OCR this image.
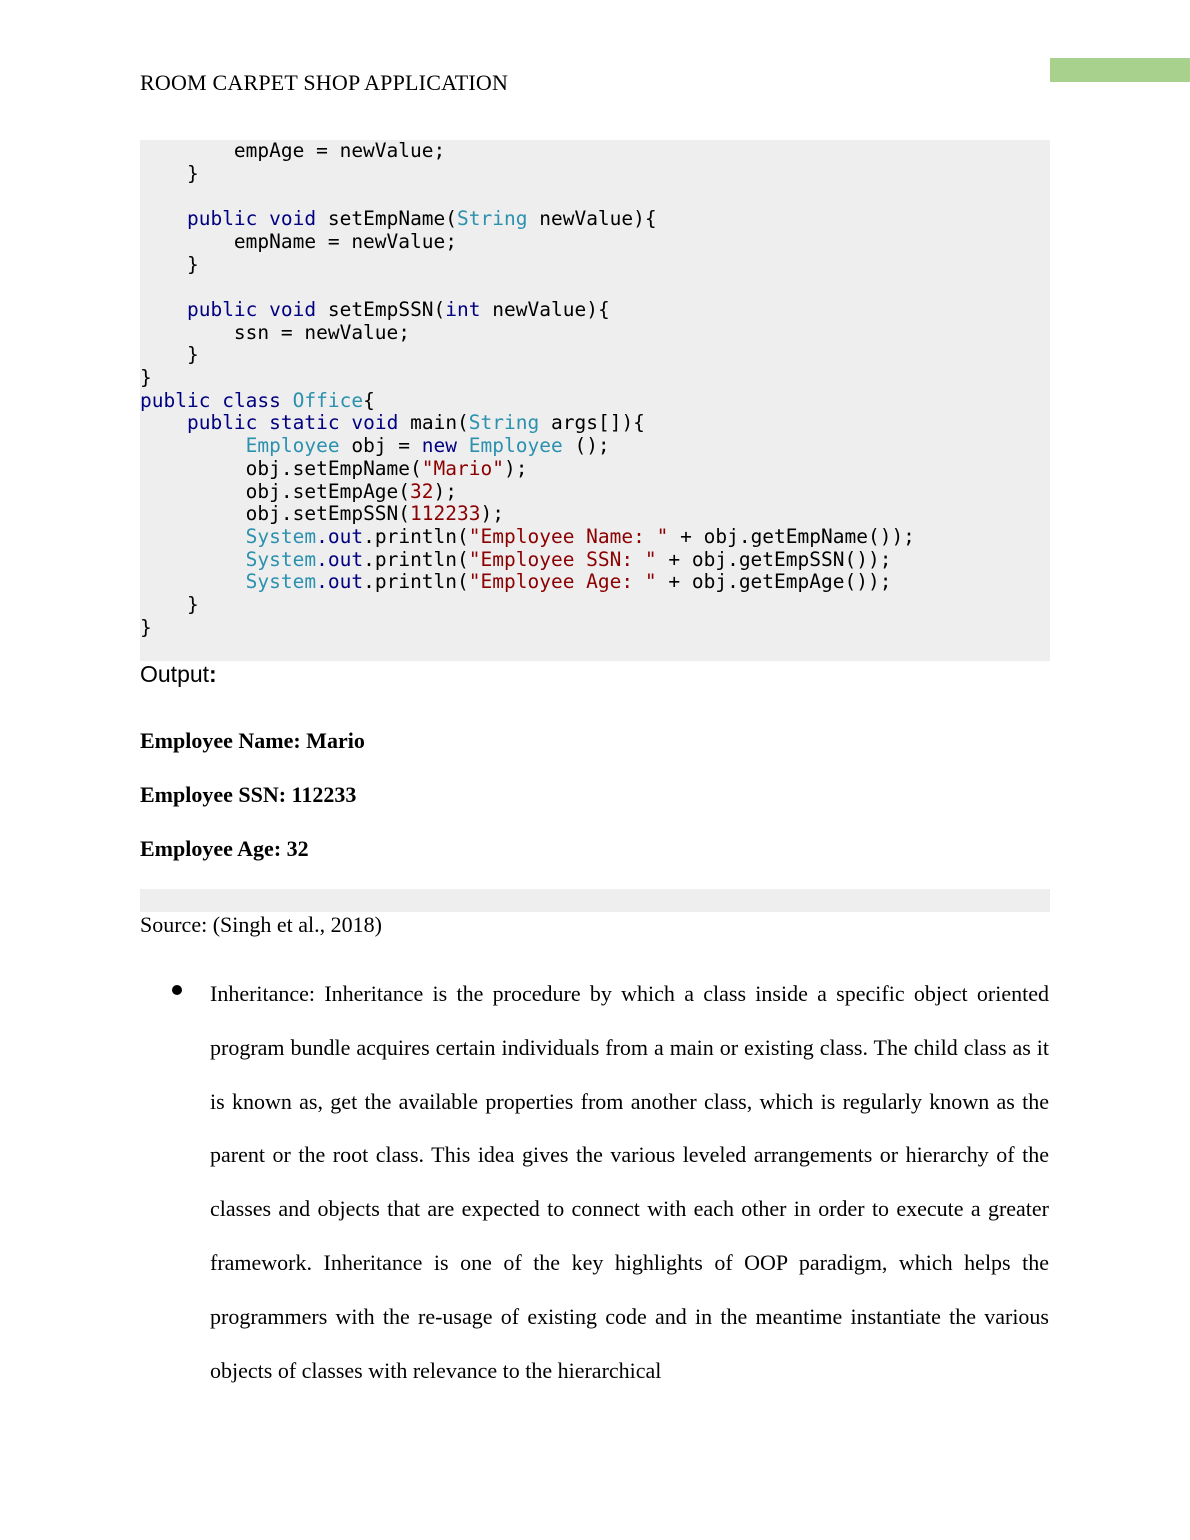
ROOM CARPET SHOP APPLICATION
empAge = newValue;
}

public void setEmpName(String newValue){
empName = newValue;
}

public void setEmpSSN(int newValue){
ssn = newValue;
}
}
public class Office{
public static void main(String args[]){
Employee obj = new Employee ();
obj.setEmpName("Mario");
obj.setEmpAge(32);
obj.setEmpSSN(112233);
System.out.println("Employee Name: " + obj.getEmpName());
System.out.println("Employee SSN: " + obj.getEmpSSN());
System.out.println("Employee Age: " + obj.getEmpAge());
}
}
Output:
Employee Name: Mario
Employee SSN: 112233
Employee Age: 32
Source: (Singh et al., 2018)

Inheritance: Inheritance is the procedure by which a class inside a specific object oriented program bundle acquires certain individuals from a main or existing class. The child class as it is known as, get the available properties from another class, which is regularly known as the parent or the root class. This idea gives the various leveled arrangements or hierarchy of the classes and objects that are expected to connect with each other in order to execute a greater framework. Inheritance is one of the key highlights of OOP paradigm, which helps the programmers with the re-usage of existing code and in the meantime instantiate the various objects of classes with relevance to the hierarchical
